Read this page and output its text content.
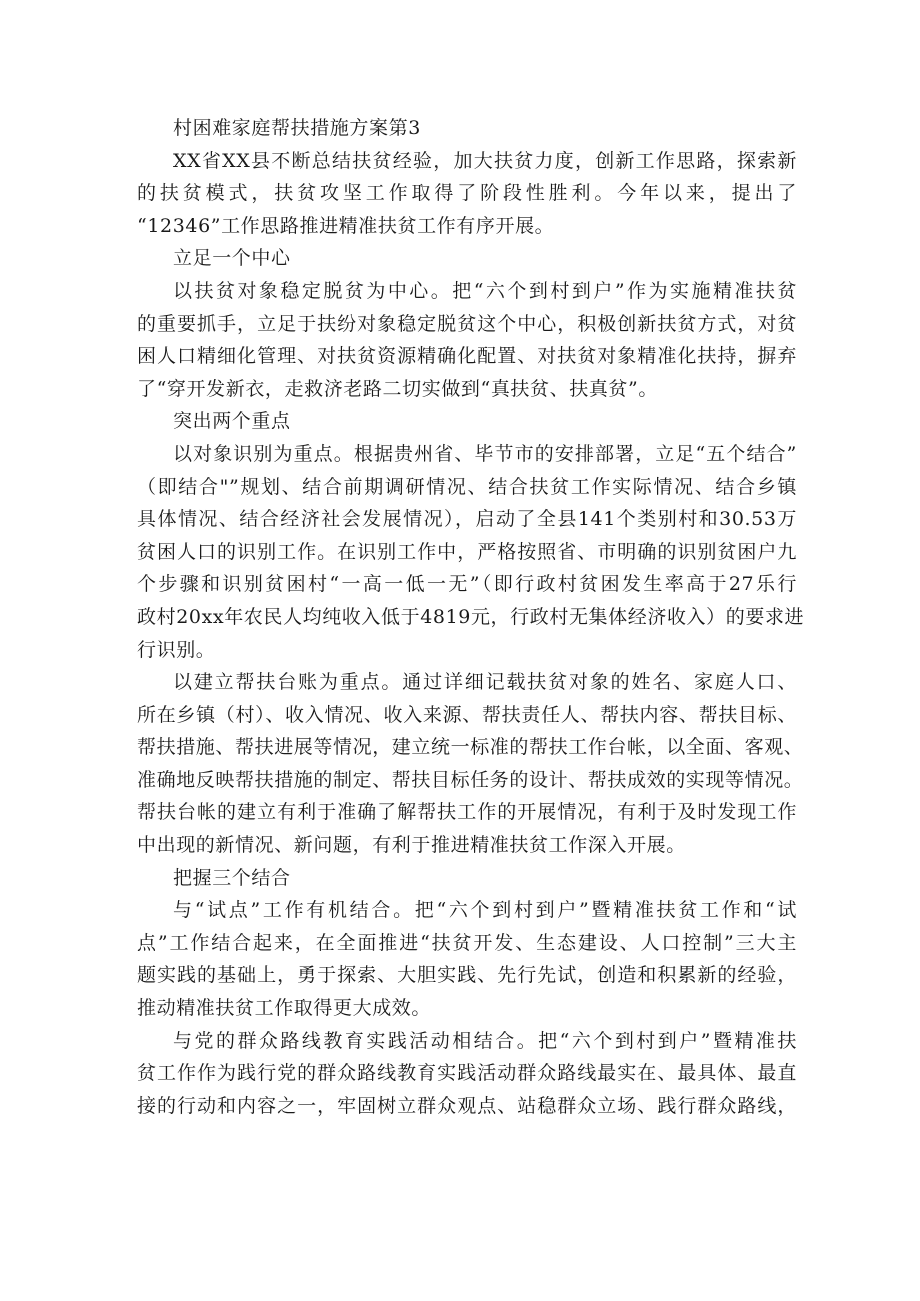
村困难家庭帮扶措施方案第3
XX省XX县不断总结扶贫经验，加大扶贫力度，创新工作思路，探索新
的扶贫模式，扶贫攻坚工作取得了阶段性胜利。今年以来，提出了
“12346”工作思路推进精准扶贫工作有序开展。
立足一个中心
以扶贫对象稳定脱贫为中心。把“六个到村到户”作为实施精准扶贫
的重要抓手，立足于扶纷对象稳定脱贫这个中心，积极创新扶贫方式，对贫
困人口精细化管理、对扶贫资源精确化配置、对扶贫对象精准化扶持，摒弃
了“穿开发新衣，走救济老路二切实做到“真扶贫、扶真贫”。
突出两个重点
以对象识别为重点。根据贵州省、毕节市的安排部署，立足“五个结合”
（即结合"”规划、结合前期调研情况、结合扶贫工作实际情况、结合乡镇
具体情况、结合经济社会发展情况），启动了全县141个类别村和30.53万
贫困人口的识别工作。在识别工作中，严格按照省、市明确的识别贫困户九
个步骤和识别贫困村“一高一低一无”（即行政村贫困发生率高于27乐行
政村20xx年农民人均纯收入低于4819元，行政村无集体经济收入）的要求进
行识别。
以建立帮扶台账为重点。通过详细记载扶贫对象的姓名、家庭人口、
所在乡镇（村）、收入情况、收入来源、帮扶责任人、帮扶内容、帮扶目标、
帮扶措施、帮扶进展等情况，建立统一标准的帮扶工作台帐，以全面、客观、
准确地反映帮扶措施的制定、帮扶目标任务的设计、帮扶成效的实现等情况。
帮扶台帐的建立有利于准确了解帮扶工作的开展情况，有利于及时发现工作
中出现的新情况、新问题，有利于推进精准扶贫工作深入开展。
把握三个结合
与“试点”工作有机结合。把“六个到村到户”暨精准扶贫工作和“试
点”工作结合起来，在全面推进“扶贫开发、生态建设、人口控制”三大主
题实践的基础上，勇于探索、大胆实践、先行先试，创造和积累新的经验，
推动精准扶贫工作取得更大成效。
与党的群众路线教育实践活动相结合。把“六个到村到户”暨精准扶
贫工作作为践行党的群众路线教育实践活动群众路线最实在、最具体、最直
接的行动和内容之一，牢固树立群众观点、站稳群众立场、践行群众路线，
